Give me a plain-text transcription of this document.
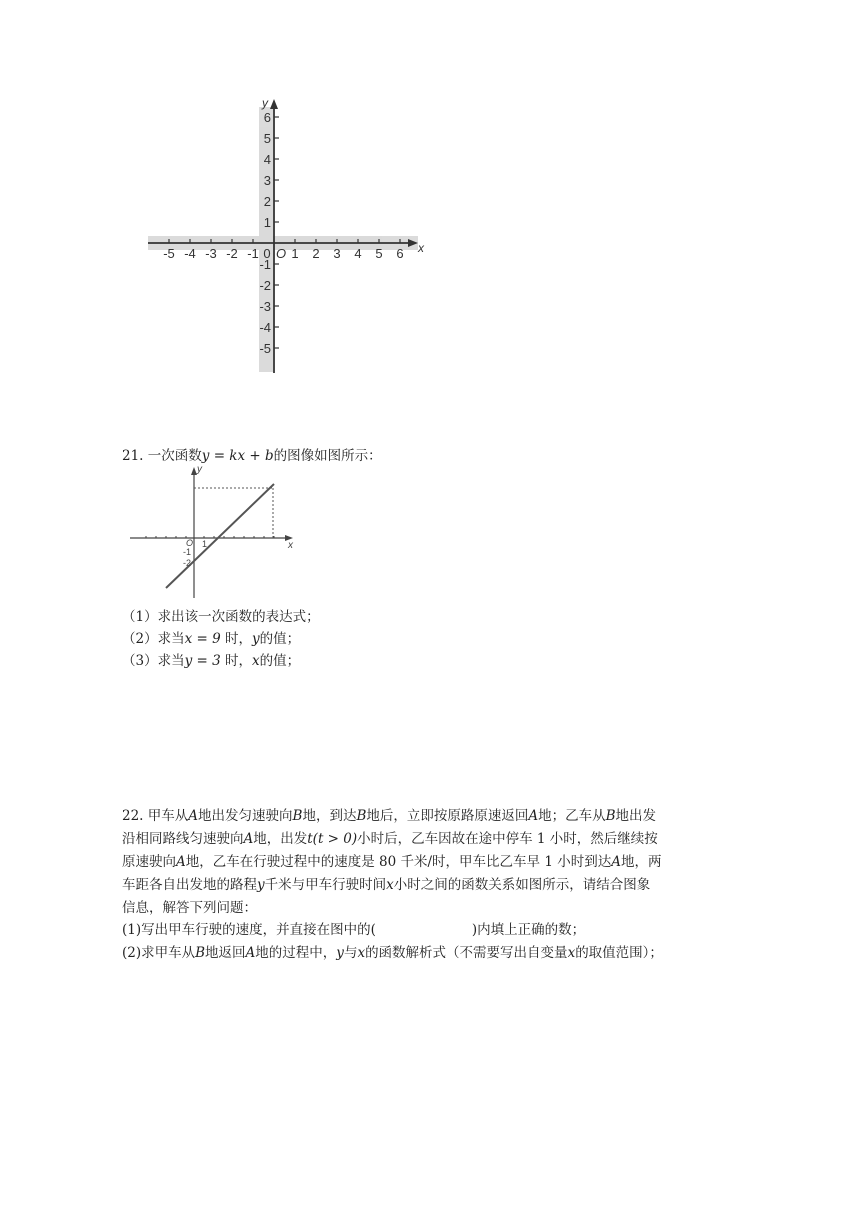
x
y
O
-5 -4 -3 -2 -1 0 1 2 3 4 5 6
6
5
4
3
2
1
-1
-2
-3
-4
-5
21. 一次函数y = kx + b的图像如图所示：
x
y
O 1
-1
-2
（1）求出该一次函数的表达式；
（2）求当x = 9 时，y的值；
（3）求当y = 3 时，x的值；
22. 甲车从A地出发匀速驶向B地，到达B地后，立即按原路原速返回A地；乙车从B地出发
沿相同路线匀速驶向A地，出发t(t > 0)小时后，乙车因故在途中停车 1 小时，然后继续按
原速驶向A地，乙车在行驶过程中的速度是 80 千米/时，甲车比乙车早 1 小时到达A地，两
车距各自出发地的路程y千米与甲车行驶时间x小时之间的函数关系如图所示，请结合图象
信息，解答下列问题：
(1)写出甲车行驶的速度，并直接在图中的(	)内填上正确的数；
(2)求甲车从B地返回A地的过程中，y与x的函数解析式（不需要写出自变量x的取值范围）；
